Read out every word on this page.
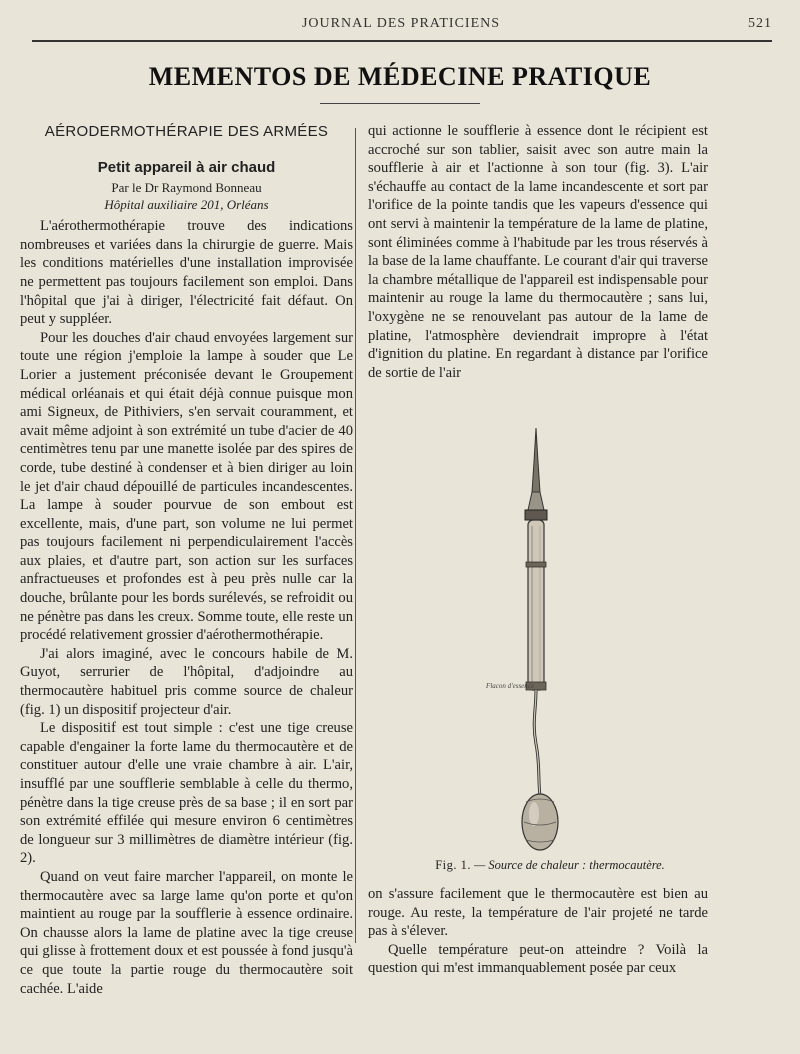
JOURNAL DES PRATICIENS	521
MEMENTOS DE MÉDECINE PRATIQUE
AÉRODERMOTHÉRAPIE DES ARMÉES
Petit appareil à air chaud
Par le Dr Raymond Bonneau
Hôpital auxiliaire 201, Orléans

L'aérothermothérapie trouve des indications nombreuses et variées dans la chirurgie de guerre. Mais les conditions matérielles d'une installation improvisée ne permettent pas toujours facilement son emploi. Dans l'hôpital que j'ai à diriger, l'électricité fait défaut. On peut y suppléer.

Pour les douches d'air chaud envoyées largement sur toute une région j'emploie la lampe à souder que Le Lorier a justement préconisée devant le Groupement médical orléanais et qui était déjà connue puisque mon ami Signeux, de Pithiviers, s'en servait couramment, et avait même adjoint à son extrémité un tube d'acier de 40 centimètres tenu par une manette isolée par des spires de corde, tube destiné à condenser et à bien diriger au loin le jet d'air chaud dépouillé de particules incandescentes. La lampe à souder pourvue de son embout est excellente, mais, d'une part, son volume ne lui permet pas toujours facilement ni perpendiculairement l'accès aux plaies, et d'autre part, son action sur les surfaces anfractueuses et profondes est à peu près nulle car la douche, brûlante pour les bords surélevés, se refroidit ou ne pénètre pas dans les creux. Somme toute, elle reste un procédé relativement grossier d'aérothermothérapie.

J'ai alors imaginé, avec le concours habile de M. Guyot, serrurier de l'hôpital, d'adjoindre au thermocautère habituel pris comme source de chaleur (fig. 1) un dispositif projecteur d'air.

Le dispositif est tout simple : c'est une tige creuse capable d'engainer la forte lame du thermocautère et de constituer autour d'elle une vraie chambre à air. L'air, insufflé par une soufflerie semblable à celle du thermo, pénètre dans la tige creuse près de sa base ; il en sort par son extrémité effilée qui mesure environ 6 centimètres de longueur sur 3 millimètres de diamètre intérieur (fig. 2).

Quand on veut faire marcher l'appareil, on monte le thermocautère avec sa large lame qu'on porte et qu'on maintient au rouge par la soufflerie à essence ordinaire. On chausse alors la lame de platine avec la tige creuse qui glisse à frottement doux et est poussée à fond jusqu'à ce que toute la partie rouge du thermocautère soit cachée. L'aide

qui actionne le soufflerie à essence dont le récipient est accroché sur son tablier, saisit avec son autre main la soufflerie à air et l'actionne à son tour (fig. 3). L'air s'échauffe au contact de la lame incandescente et sort par l'orifice de la pointe tandis que les vapeurs d'essence qui ont servi à maintenir la température de la lame de platine, sont éliminées comme à l'habitude par les trous réservés à la base de la lame chauffante. Le courant d'air qui traverse la chambre métallique de l'appareil est indispensable pour maintenir au rouge la lame du thermocautère ; sans lui, l'oxygène ne se renouvelant pas autour de la lame de platine, l'atmosphère deviendrait impropre à l'état d'ignition du platine. En regardant à distance par l'orifice de sortie de l'air

Flacon d'essence
Fig. 1. — Source de chaleur : thermocautère.

on s'assure facilement que le thermocautère est bien au rouge. Au reste, la température de l'air projeté ne tarde pas à s'élever.

Quelle température peut-on atteindre ? Voilà la question qui m'est immanquablement posée par ceux
